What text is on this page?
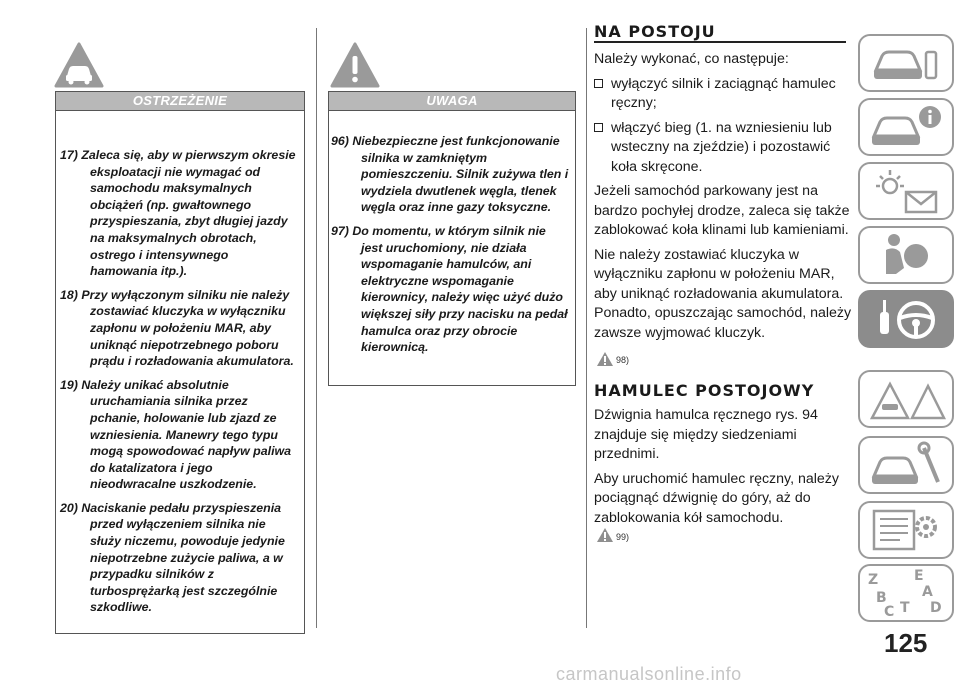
OSTRZEŻENIE
17) Zaleca się, aby w pierwszym okresie eksploatacji nie wymagać od samochodu maksymalnych obciążeń (np. gwałtownego przyspieszania, zbyt długiej jazdy na maksymalnych obrotach, ostrego i intensywnego hamowania itp.).
18) Przy wyłączonym silniku nie należy zostawiać kluczyka w wyłączniku zapłonu w położeniu MAR, aby uniknąć niepotrzebnego poboru prądu i rozładowania akumulatora.
19) Należy unikać absolutnie uruchamiania silnika przez pchanie, holowanie lub zjazd ze wzniesienia. Manewry tego typu mogą spowodować napływ paliwa do katalizatora i jego nieodwracalne uszkodzenie.
20) Naciskanie pedału przyspieszenia przed wyłączeniem silnika nie służy niczemu, powoduje jedynie niepotrzebne zużycie paliwa, a w przypadku silników z turbosprężarką jest szczególnie szkodliwe.
UWAGA
96) Niebezpieczne jest funkcjonowanie silnika w zamkniętym pomieszczeniu. Silnik zużywa tlen i wydziela dwutlenek węgla, tlenek węgla oraz inne gazy toksyczne.
97) Do momentu, w którym silnik nie jest uruchomiony, nie działa wspomaganie hamulców, ani elektryczne wspomaganie kierownicy, należy więc użyć dużo większej siły przy nacisku na pedał hamulca oraz przy obrocie kierownicą.
NA POSTOJU

Należy wykonać, co następuje:

wyłączyć silnik i zaciągnąć hamulec ręczny;

włączyć bieg (1. na wzniesieniu lub wsteczny na zjeździe) i pozostawić koła skręcone.

Jeżeli samochód parkowany jest na bardzo pochyłej drodze, zaleca się także zablokować koła klinami lub kamieniami.

Nie należy zostawiać kluczyka w wyłączniku zapłonu w położeniu MAR, aby uniknąć rozładowania akumulatora. Ponadto, opuszczając samochód, należy zawsze wyjmować kluczyk.

98)
HAMULEC POSTOJOWY

Dźwignia hamulca ręcznego rys. 94 znajduje się między siedzeniami przednimi.

Aby uruchomić hamulec ręczny, należy pociągnąć dźwignię do góry, aż do zablokowania kół samochodu.

99)
Z	E
A
B
C T D
125
carmanualsonline.info
